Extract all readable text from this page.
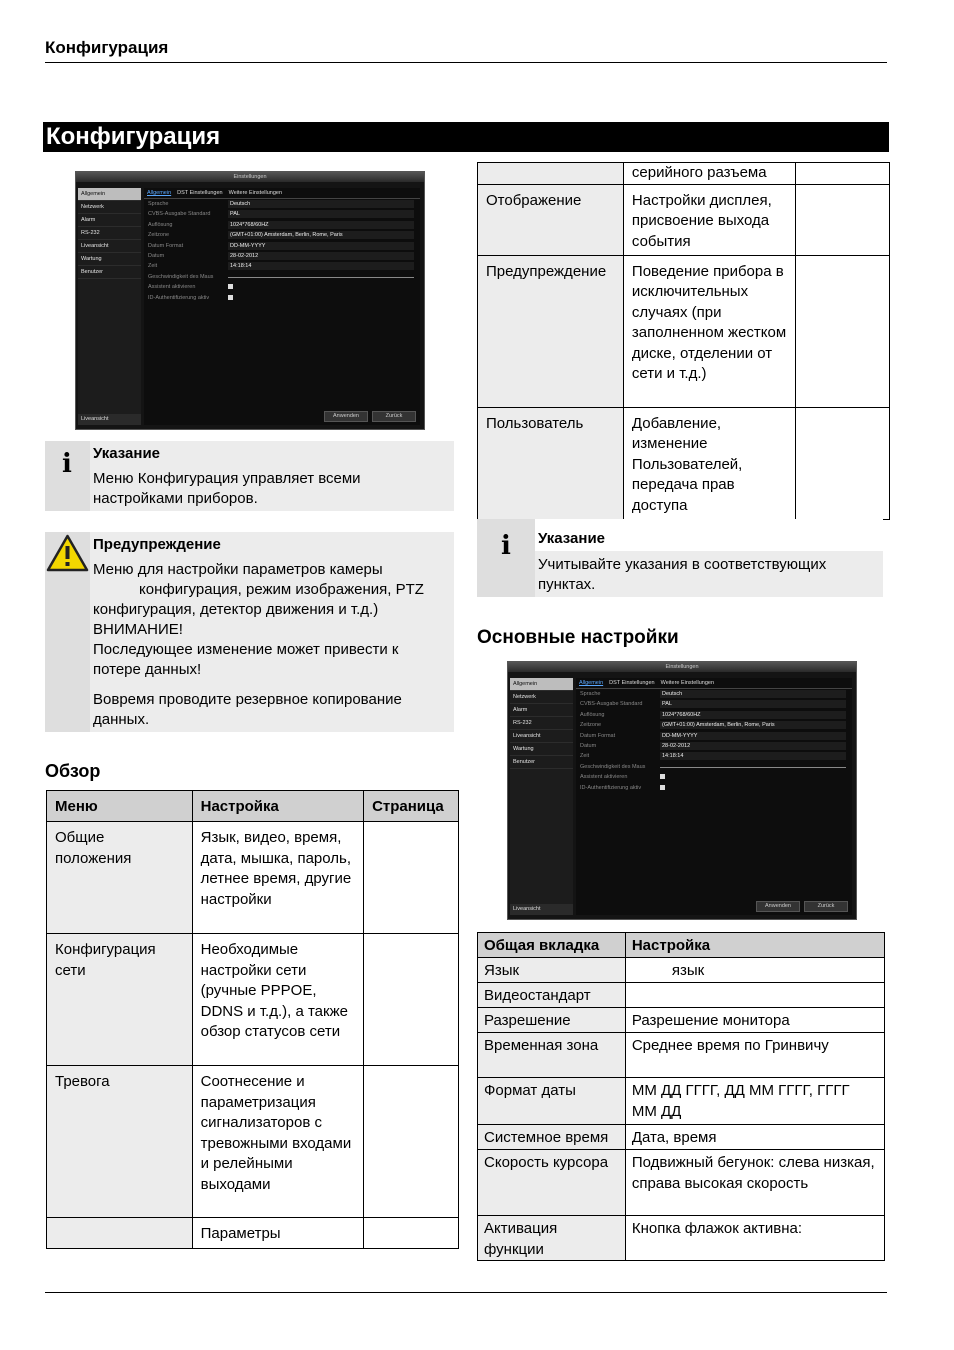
Конфигурация
Конфигурация
Einstellungen
Allgemein
Netzwerk
Alarm
RS-232
Liveansicht
Wartung
Benutzer
Liveansicht
Allgemein DST Einstellungen Weitere Einstellungen
Sprache	Deutsch
CVBS-Ausgabe Standard	PAL
Auflösung	1024*768/60HZ
Zeitzone	(GMT+01:00) Amsterdam, Berlin, Rome, Paris
Datum Format	DD-MM-YYYY
Datum	28-02-2012
Zeit	14:18:14
Geschwindigkeit des Maus
Assistent aktivieren
ID-Authentifizierung aktiv
Anwenden	Zurück
i Указание
Меню Конфигурация управляет всеми настройками приборов.
Предупреждение
Меню для настройки параметров камеры
конфигурация, режим изображения, PTZ
конфигурация, детектор движения и т.д.)
ВНИМАНИЕ!
Последующее изменение может привести к потере данных!
Вовремя проводите резервное копирование данных.
Обзор
Меню	Настройка	Страница
Общие положения	Язык, видео, время, дата, мышка, пароль, летнее время, другие настройки	
Конфигурация сети	Необходимые настройки сети (ручные PPPOE, DDNS и т.д.), а также обзор статусов сети	
Тревога	Соотнесение и параметризация сигнализаторов с тревожными входами и релейными выходами	
	Параметры	
	серийного разъема	
Отображение	Настройки дисплея, присвоение выхода события	
Предупреждение	Поведение прибора в исключительных случаях (при заполненном жестком диске, отделении от сети и т.д.)	
Пользователь	Добавление, изменение Пользователей, передача прав доступа	
i Указание
Учитывайте указания в соответствующих пунктах.
Основные настройки
Einstellungen
Allgemein
Netzwerk
Alarm
RS-232
Liveansicht
Wartung
Benutzer
Liveansicht
Allgemein DST Einstellungen Weitere Einstellungen
Sprache	Deutsch
CVBS-Ausgabe Standard	PAL
Auflösung	1024*768/60HZ
Zeitzone	(GMT+01:00) Amsterdam, Berlin, Rome, Paris
Datum Format	DD-MM-YYYY
Datum	28-02-2012
Zeit	14:18:14
Geschwindigkeit des Maus
Assistent aktivieren
ID-Authentifizierung aktiv
Anwenden	Zurück
Общая вкладка	Настройка
Язык	язык
Видеостандарт	
Разрешение	Разрешение монитора
Временная зона	Среднее время по Гринвичу
Формат даты	ММ ДД ГГГГ, ДД ММ ГГГГ, ГГГГ ММ ДД
Системное время	Дата, время
Скорость курсора	Подвижный бегунок: слева низкая, справа высокая скорость
Активация функции	Кнопка флажок активна:
